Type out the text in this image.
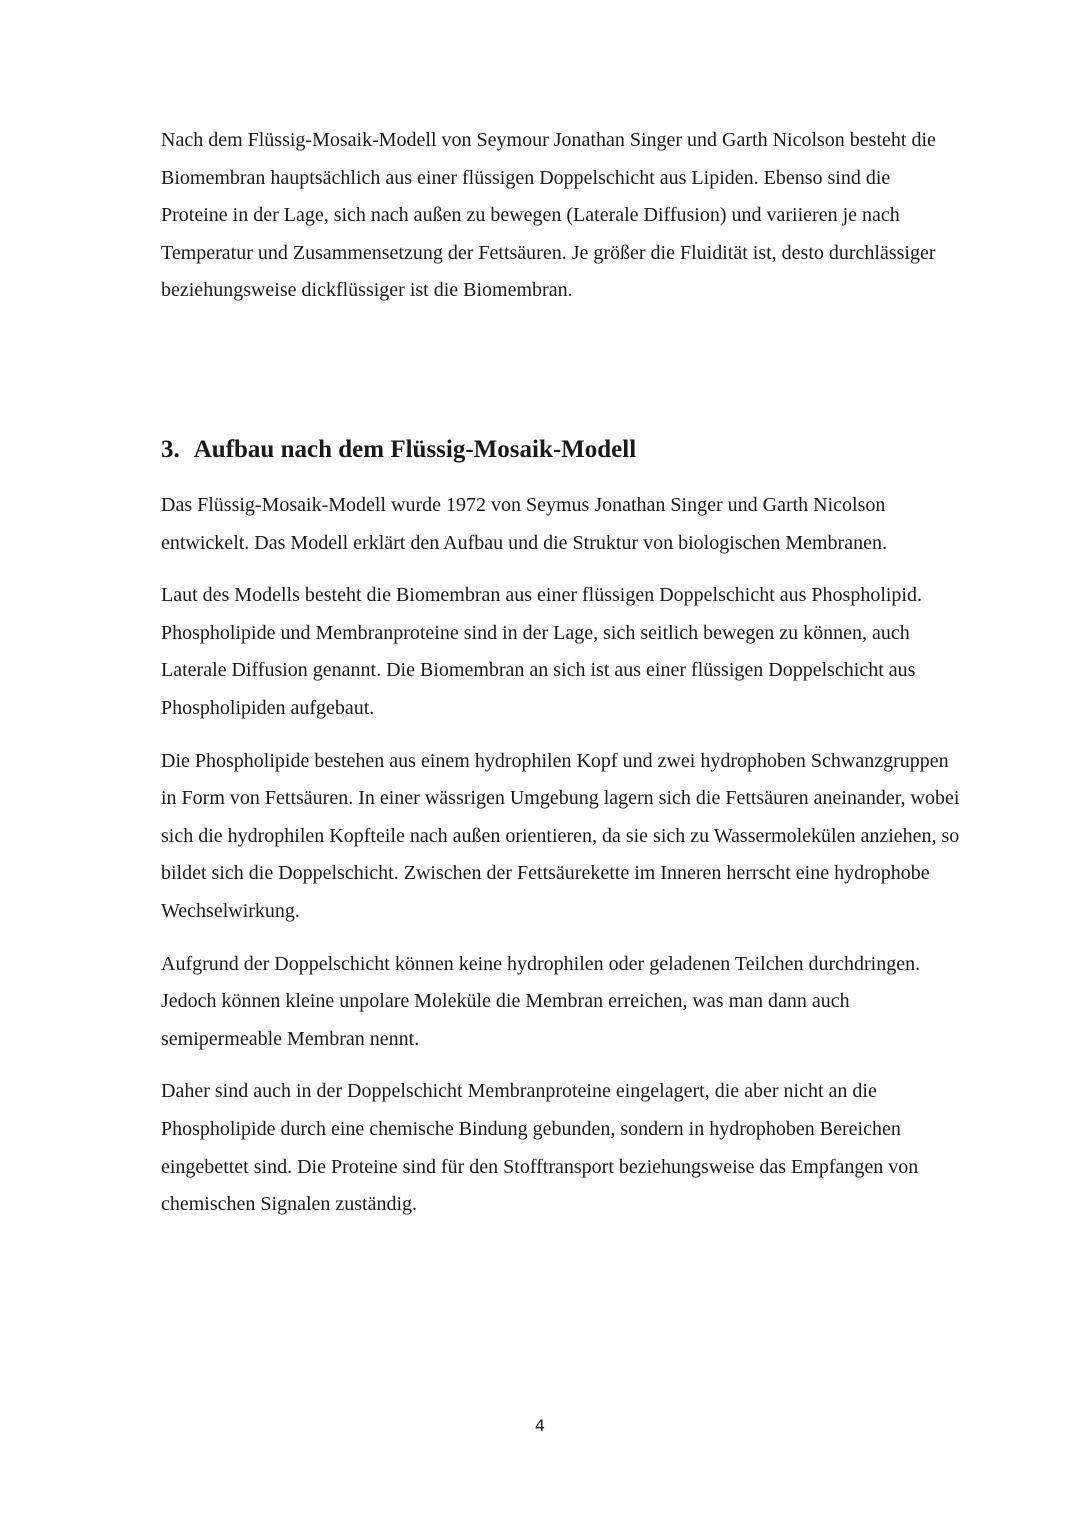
Nach dem Flüssig-Mosaik-Modell von Seymour Jonathan Singer und Garth Nicolson besteht die Biomembran hauptsächlich aus einer flüssigen Doppelschicht aus Lipiden. Ebenso sind die Proteine in der Lage, sich nach außen zu bewegen (Laterale Diffusion) und variieren je nach Temperatur und Zusammensetzung der Fettsäuren. Je größer die Fluidität ist, desto durchlässiger beziehungsweise dickflüssiger ist die Biomembran.

3. Aufbau nach dem Flüssig-Mosaik-Modell

Das Flüssig-Mosaik-Modell wurde 1972 von Seymus Jonathan Singer und Garth Nicolson entwickelt. Das Modell erklärt den Aufbau und die Struktur von biologischen Membranen.

Laut des Modells besteht die Biomembran aus einer flüssigen Doppelschicht aus Phospholipid. Phospholipide und Membranproteine sind in der Lage, sich seitlich bewegen zu können, auch Laterale Diffusion genannt. Die Biomembran an sich ist aus einer flüssigen Doppelschicht aus Phospholipiden aufgebaut.

Die Phospholipide bestehen aus einem hydrophilen Kopf und zwei hydrophoben Schwanzgruppen in Form von Fettsäuren. In einer wässrigen Umgebung lagern sich die Fettsäuren aneinander, wobei sich die hydrophilen Kopfteile nach außen orientieren, da sie sich zu Wassermolekülen anziehen, so bildet sich die Doppelschicht. Zwischen der Fettsäurekette im Inneren herrscht eine hydrophobe Wechselwirkung.

Aufgrund der Doppelschicht können keine hydrophilen oder geladenen Teilchen durchdringen. Jedoch können kleine unpolare Moleküle die Membran erreichen, was man dann auch semipermeable Membran nennt.

Daher sind auch in der Doppelschicht Membranproteine eingelagert, die aber nicht an die Phospholipide durch eine chemische Bindung gebunden, sondern in hydrophoben Bereichen eingebettet sind. Die Proteine sind für den Stofftransport beziehungsweise das Empfangen von chemischen Signalen zuständig.

4
